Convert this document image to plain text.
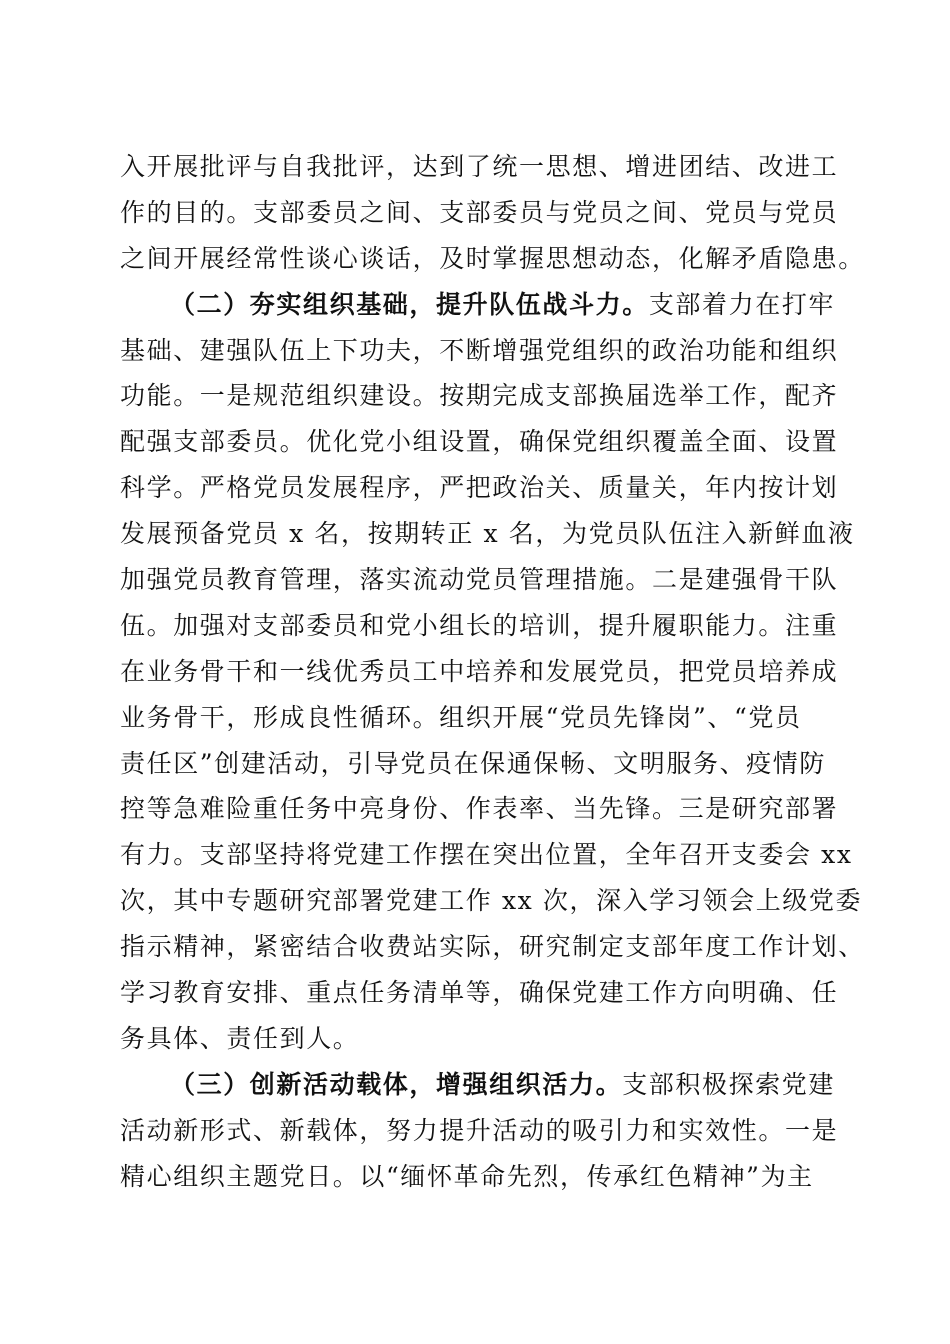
入开展批评与自我批评，达到了统一思想、增进团结、改进工
作的目的。支部委员之间、支部委员与党员之间、党员与党员
之间开展经常性谈心谈话，及时掌握思想动态，化解矛盾隐患。
（二）夯实组织基础，提升队伍战斗力。支部着力在打牢
基础、建强队伍上下功夫，不断增强党组织的政治功能和组织
功能。一是规范组织建设。按期完成支部换届选举工作，配齐
配强支部委员。优化党小组设置，确保党组织覆盖全面、设置
科学。严格党员发展程序，严把政治关、质量关，年内按计划
发展预备党员 x 名，按期转正 x 名，为党员队伍注入新鲜血液
加强党员教育管理，落实流动党员管理措施。二是建强骨干队
伍。加强对支部委员和党小组长的培训，提升履职能力。注重
在业务骨干和一线优秀员工中培养和发展党员，把党员培养成
业务骨干，形成良性循环。组织开展“党员先锋岗”、“党员
责任区”创建活动，引导党员在保通保畅、文明服务、疫情防
控等急难险重任务中亮身份、作表率、当先锋。三是研究部署
有力。支部坚持将党建工作摆在突出位置，全年召开支委会 xx
次，其中专题研究部署党建工作 xx 次，深入学习领会上级党委
指示精神，紧密结合收费站实际，研究制定支部年度工作计划、
学习教育安排、重点任务清单等，确保党建工作方向明确、任
务具体、责任到人。
（三）创新活动载体，增强组织活力。支部积极探索党建
活动新形式、新载体，努力提升活动的吸引力和实效性。一是
精心组织主题党日。以“缅怀革命先烈，传承红色精神”为主
